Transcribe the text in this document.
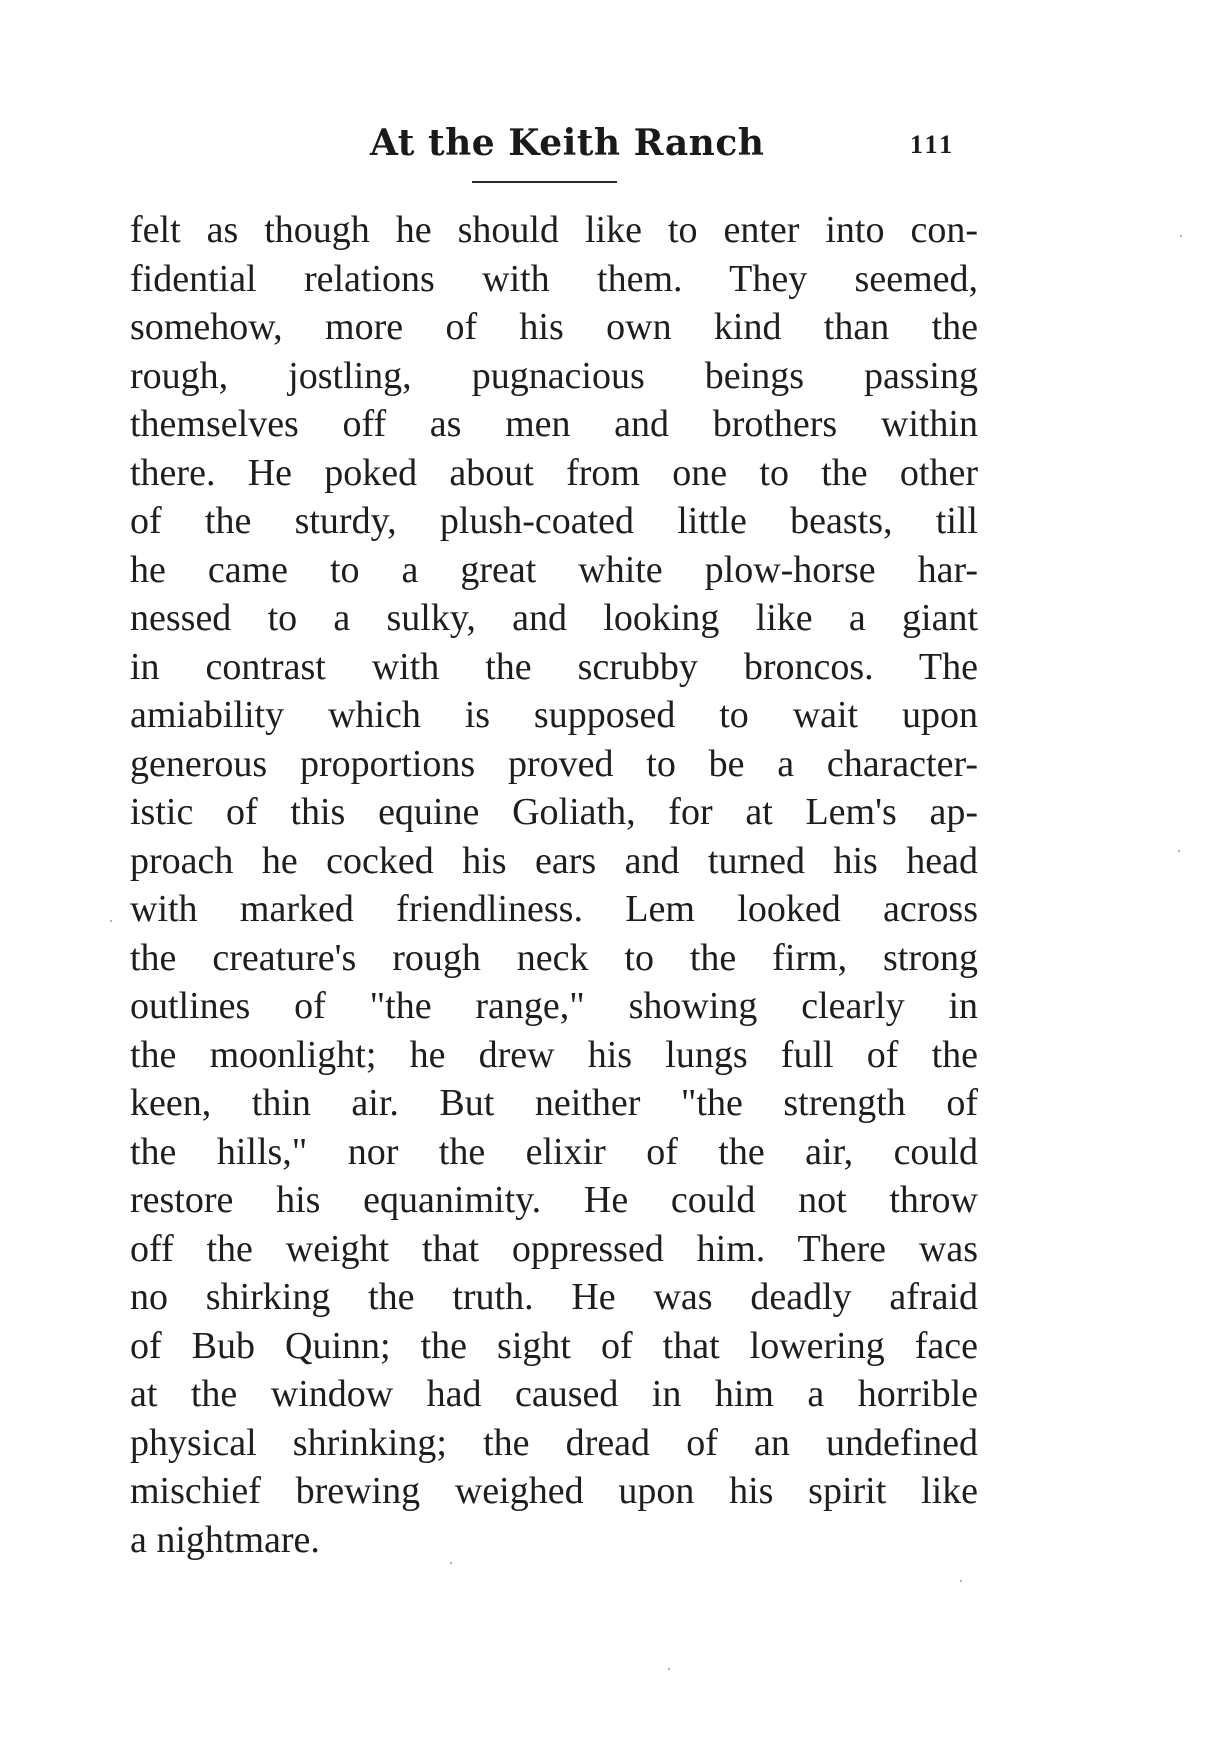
At the Keith Ranch	111
felt as though he should like to enter into con-
fidential relations with them. They seemed,
somehow, more of his own kind than the
rough, jostling, pugnacious beings passing
themselves off as men and brothers within
there. He poked about from one to the other
of the sturdy, plush-coated little beasts, till
he came to a great white plow-horse har-
nessed to a sulky, and looking like a giant
in contrast with the scrubby broncos. The
amiability which is supposed to wait upon
generous proportions proved to be a character-
istic of this equine Goliath, for at Lem's ap-
proach he cocked his ears and turned his head
with marked friendliness. Lem looked across
the creature's rough neck to the firm, strong
outlines of "the range," showing clearly in
the moonlight; he drew his lungs full of the
keen, thin air. But neither "the strength of
the hills," nor the elixir of the air, could
restore his equanimity. He could not throw
off the weight that oppressed him. There was
no shirking the truth. He was deadly afraid
of Bub Quinn; the sight of that lowering face
at the window had caused in him a horrible
physical shrinking; the dread of an undefined
mischief brewing weighed upon his spirit like
a nightmare.
